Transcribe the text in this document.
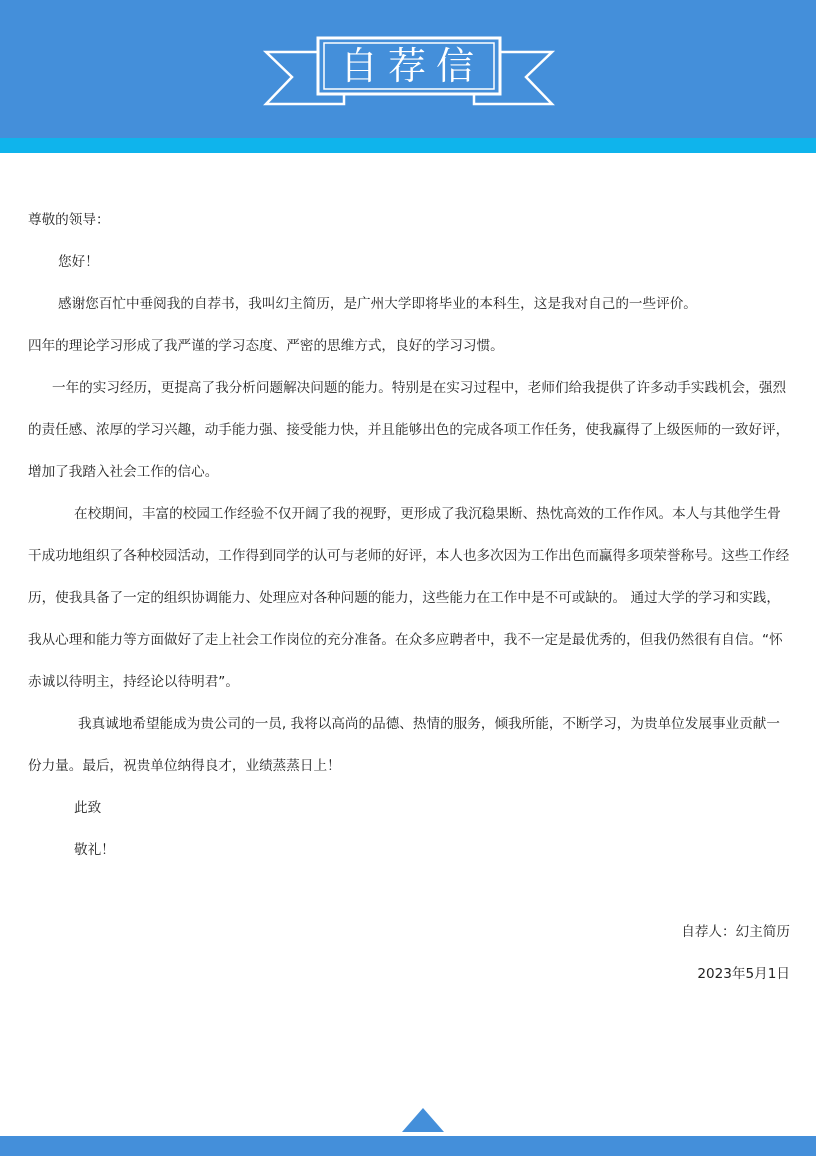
自荐信
尊敬的领导：
您好！
感谢您百忙中垂阅我的自荐书，我叫幻主简历，是广州大学即将毕业的本科生，这是我对自己的一些评价。
四年的理论学习形成了我严谨的学习态度、严密的思维方式，良好的学习习惯。
一年的实习经历，更提高了我分析问题解决问题的能力。特别是在实习过程中，老师们给我提供了许多动手实践机会，强烈的责任感、浓厚的学习兴趣，动手能力强、接受能力快，并且能够出色的完成各项工作任务，使我赢得了上级医师的一致好评，增加了我踏入社会工作的信心。
在校期间，丰富的校园工作经验不仅开阔了我的视野，更形成了我沉稳果断、热忱高效的工作作风。本人与其他学生骨干成功地组织了各种校园活动，工作得到同学的认可与老师的好评，本人也多次因为工作出色而赢得多项荣誉称号。这些工作经历，使我具备了一定的组织协调能力、处理应对各种问题的能力，这些能力在工作中是不可或缺的。 通过大学的学习和实践，我从心理和能力等方面做好了走上社会工作岗位的充分准备。在众多应聘者中，我不一定是最优秀的，但我仍然很有自信。“怀赤诚以待明主，持经论以待明君”。
我真诚地希望能成为贵公司的一员, 我将以高尚的品德、热情的服务，倾我所能，不断学习，为贵单位发展事业贡献一份力量。最后，祝贵单位纳得良才，业绩蒸蒸日上！
此致
敬礼！
自荐人：幻主简历
2023年5月1日
